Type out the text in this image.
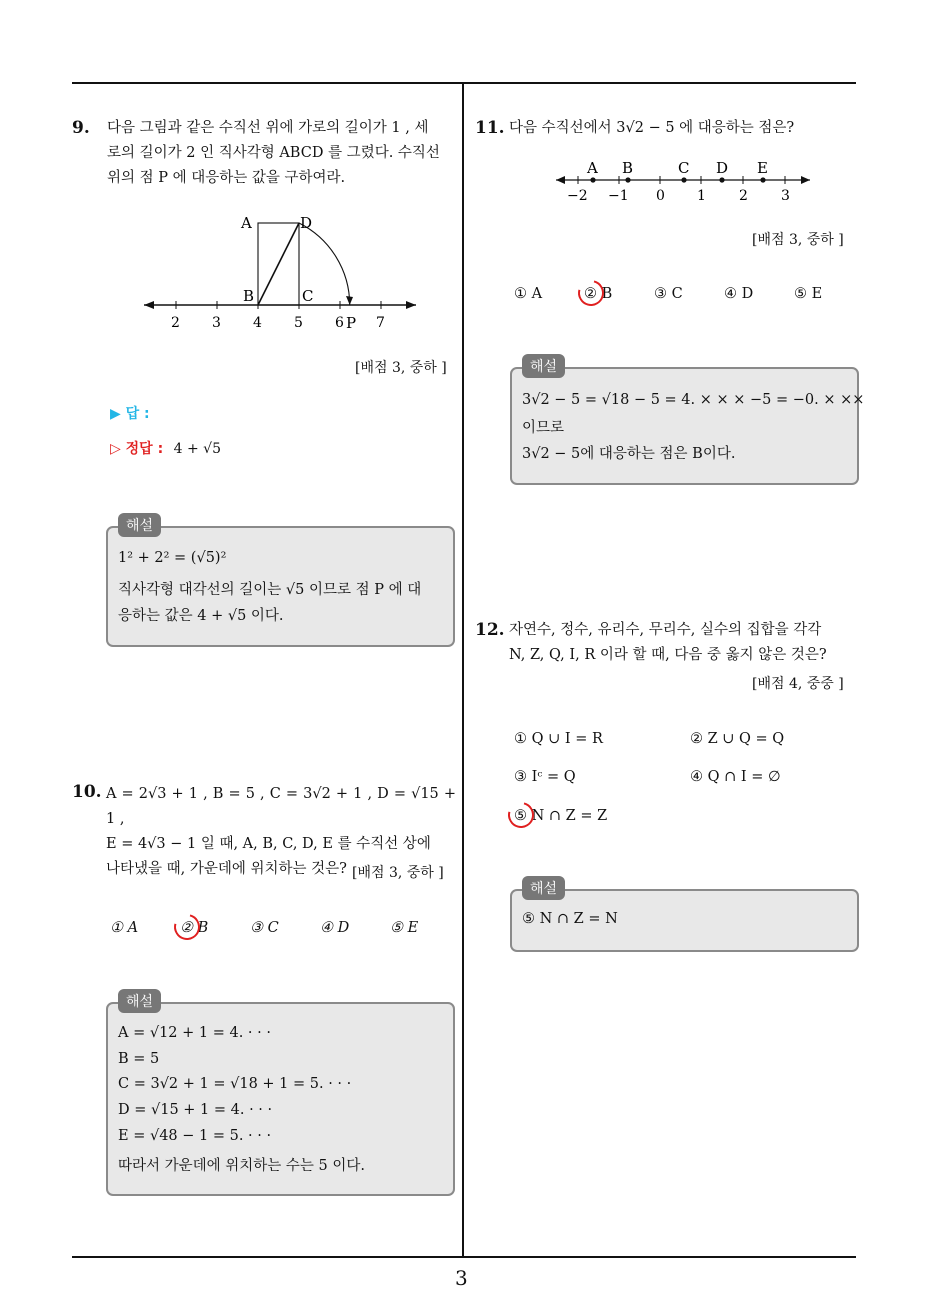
3
9. 다음 그림과 같은 수직선 위에 가로의 길이가 1 , 세
로의 길이가 2 인 직사각형 ABCD 를 그렸다. 수직선
위의 점 P 에 대응하는 값을 구하여라.
A	D
B	C
2 3 4 5 6 P 7
[배점 3, 중하 ]
▶ 답 :
▷ 정답 : 4 + √5
해설
1² + 2² = (√5)²
직사각형 대각선의 길이는 √5 이므로 점 P 에 대
응하는 값은 4 + √5 이다.
10. A = 2√3 + 1 , B = 5 , C = 3√2 + 1 , D = √15 + 1 ,
E = 4√3 − 1 일 때, A, B, C, D, E 를 수직선 상에
나타냈을 때, 가운데에 위치하는 것은? [배점 3, 중하 ]
① A	② B	③ C	④ D	⑤ E
해설
A = √12 + 1 = 4. · · ·
B = 5
C = 3√2 + 1 = √18 + 1 = 5. · · ·
D = √15 + 1 = 4. · · ·
E = √48 − 1 = 5. · · ·
따라서 가운데에 위치하는 수는 5 이다.
11. 다음 수직선에서 3√2 − 5 에 대응하는 점은?
A B	C D E
−2 −1 0 1 2 3
[배점 3, 중하 ]
① A	② B	③ C	④ D	⑤ E
해설
3√2 − 5 = √18 − 5 = 4. × × × −5 = −0. × ××
이므로
3√2 − 5에 대응하는 점은 B이다.
12. 자연수, 정수, 유리수, 무리수, 실수의 집합을 각각
N, Z, Q, I, R 이라 할 때, 다음 중 옳지 않은 것은?
[배점 4, 중중 ]
① Q ∪ I = R	② Z ∪ Q = Q
③ Iᶜ = Q	④ Q ∩ I = ∅
⑤ N ∩ Z = Z
해설
⑤ N ∩ Z = N
